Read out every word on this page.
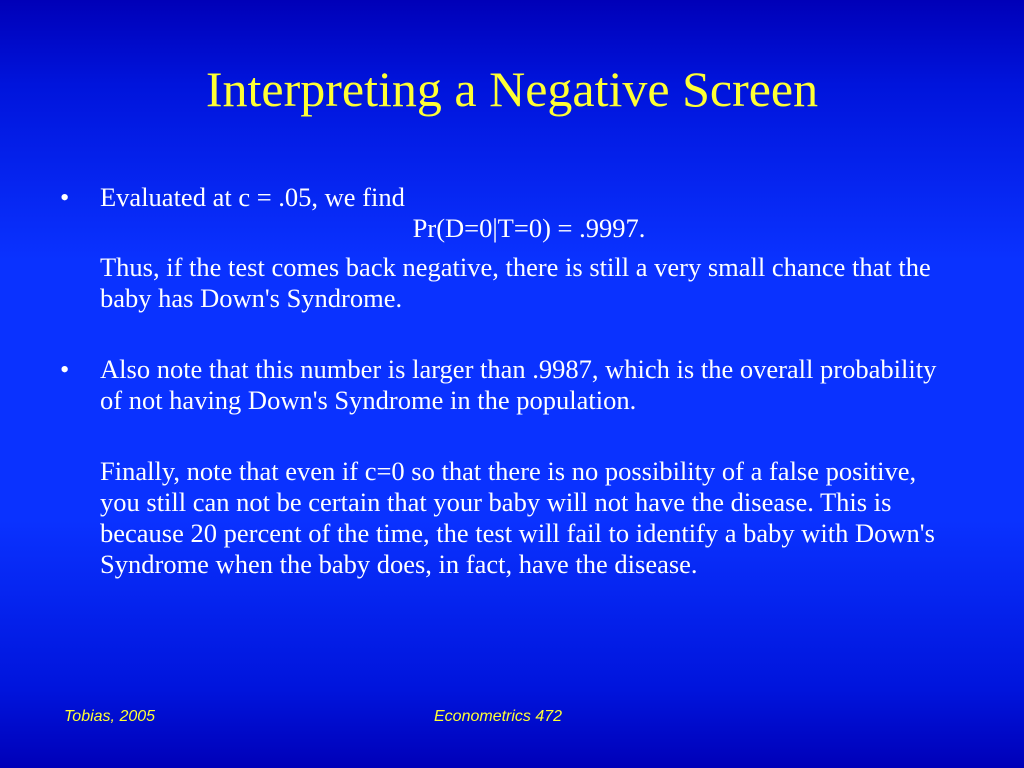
Interpreting a Negative Screen
• Evaluated at c = .05, we find
Pr(D=0|T=0) = .9997.
Thus, if the test comes back negative, there is still a very small chance that the baby has Down's Syndrome.
• Also note that this number is larger than .9987, which is the overall probability of not having Down's Syndrome in the population.
Finally, note that even if c=0 so that there is no possibility of a false positive, you still can not be certain that your baby will not have the disease. This is because 20 percent of the time, the test will fail to identify a baby with Down's Syndrome when the baby does, in fact, have the disease.
Tobias, 2005	Econometrics 472
